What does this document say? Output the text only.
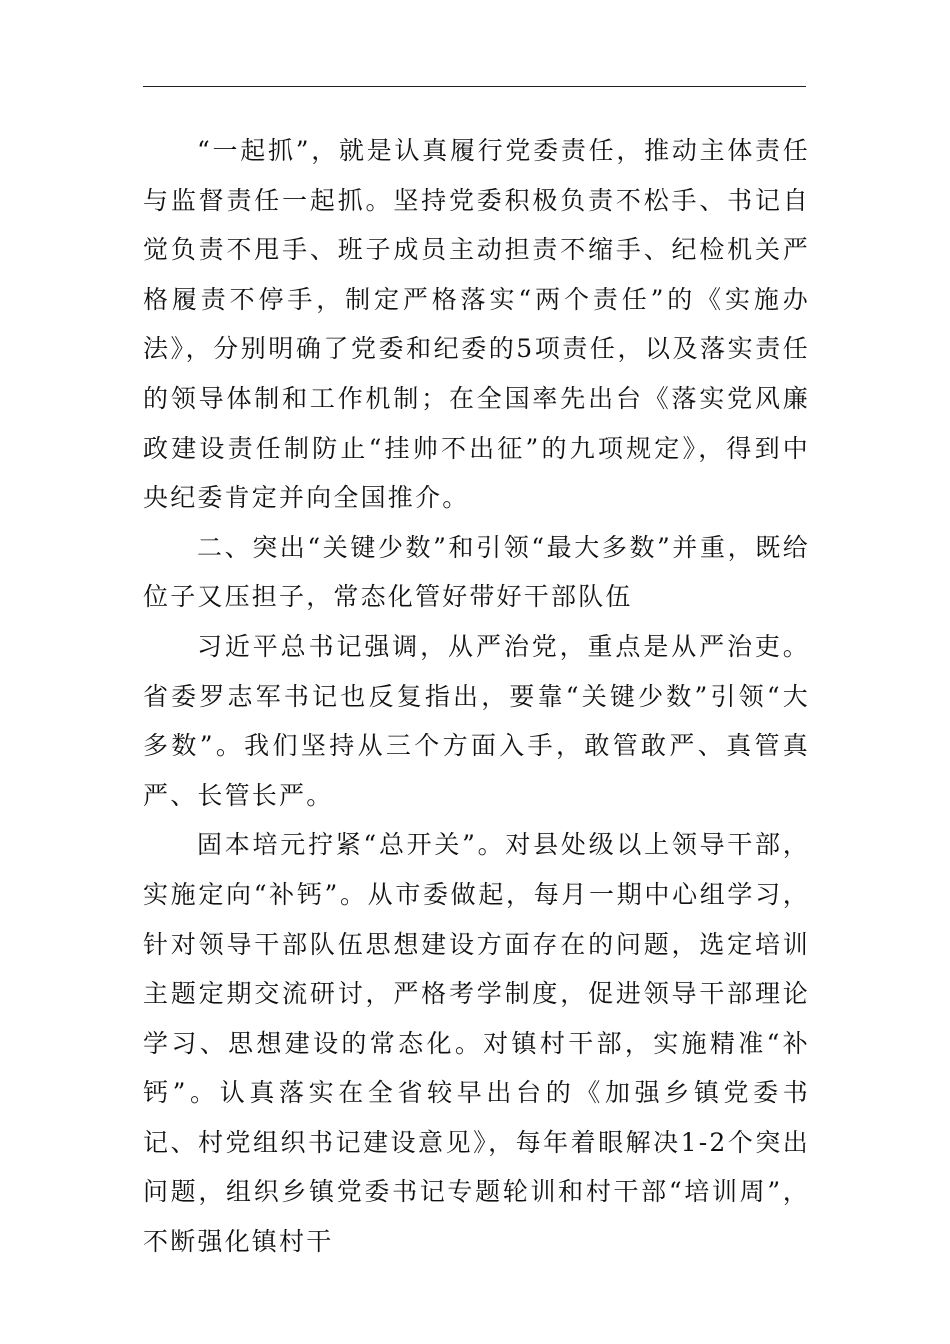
“一起抓”，就是认真履行党委责任，推动主体责任与监督责任一起抓。坚持党委积极负责不松手、书记自觉负责不甩手、班子成员主动担责不缩手、纪检机关严格履责不停手，制定严格落实“两个责任”的《实施办法》，分别明确了党委和纪委的5项责任，以及落实责任的领导体制和工作机制；在全国率先出台《落实党风廉政建设责任制防止“挂帅不出征”的九项规定》，得到中央纪委肯定并向全国推介。

二、突出“关键少数”和引领“最大多数”并重，既给位子又压担子，常态化管好带好干部队伍

习近平总书记强调，从严治党，重点是从严治吏。省委罗志军书记也反复指出，要靠“关键少数”引领“大多数”。我们坚持从三个方面入手，敢管敢严、真管真严、长管长严。

固本培元拧紧“总开关”。对县处级以上领导干部，实施定向“补钙”。从市委做起，每月一期中心组学习，针对领导干部队伍思想建设方面存在的问题，选定培训主题定期交流研讨，严格考学制度，促进领导干部理论学习、思想建设的常态化。对镇村干部，实施精准“补钙”。认真落实在全省较早出台的《加强乡镇党委书记、村党组织书记建设意见》，每年着眼解决1-2个突出问题，组织乡镇党委书记专题轮训和村干部“培训周”，不断强化镇村干
